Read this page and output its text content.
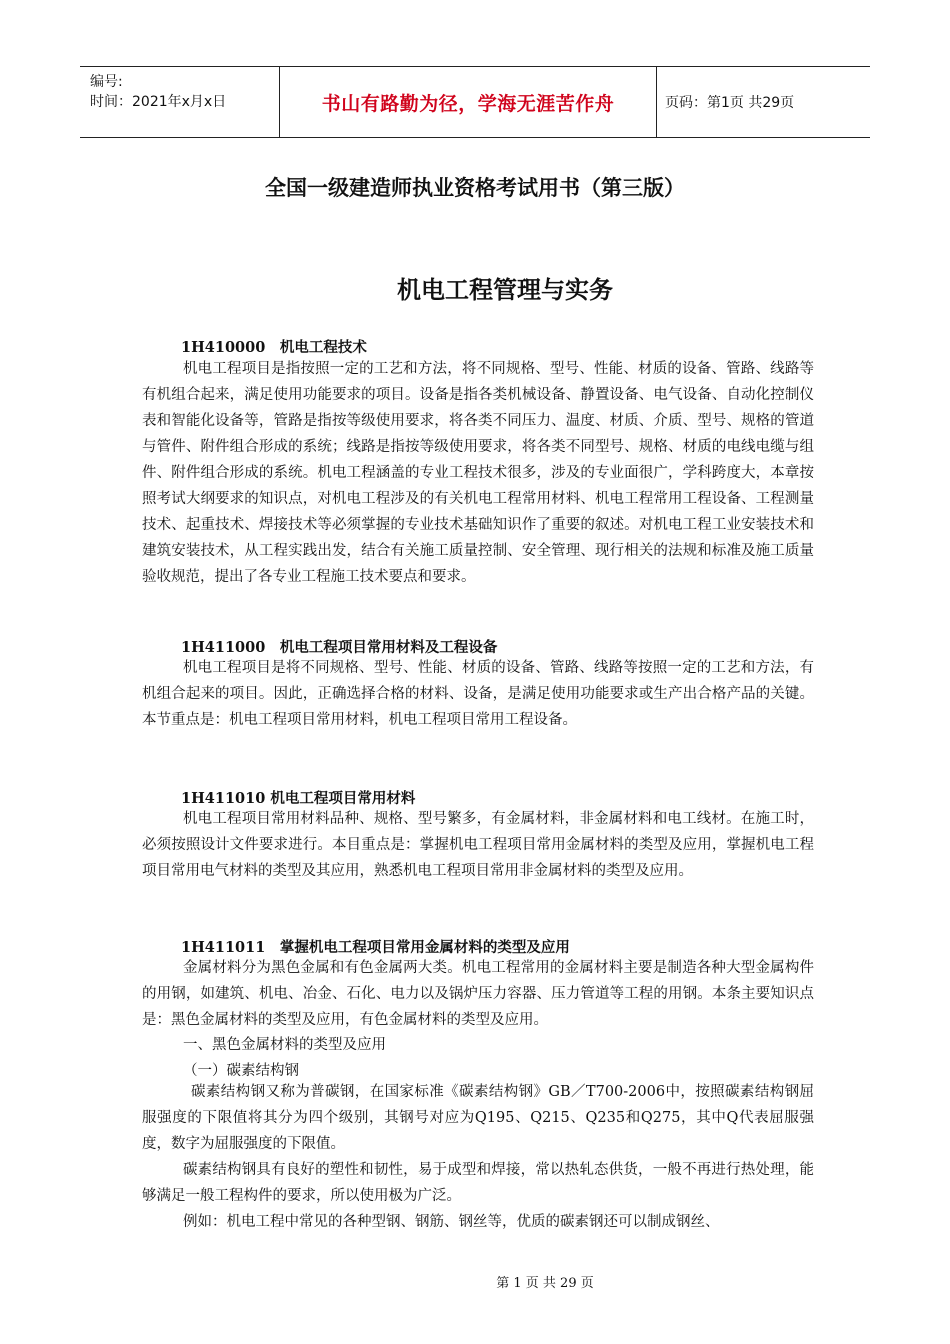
编号:
时间：2021年x月x日	书山有路勤为径，学海无涯苦作舟	页码：第1页 共29页
全国一级建造师执业资格考试用书（第三版）
机电工程管理与实务
1H410000　机电工程技术
机电工程项目是指按照一定的工艺和方法，将不同规格、型号、性能、材质的设备、管路、线路等有机组合起来，满足使用功能要求的项目。设备是指各类机械设备、静置设备、电气设备、自动化控制仪表和智能化设备等，管路是指按等级使用要求，将各类不同压力、温度、材质、介质、型号、规格的管道与管件、附件组合形成的系统；线路是指按等级使用要求，将各类不同型号、规格、材质的电线电缆与组件、附件组合形成的系统。机电工程涵盖的专业工程技术很多，涉及的专业面很广，学科跨度大，本章按照考试大纲要求的知识点，对机电工程涉及的有关机电工程常用材料、机电工程常用工程设备、工程测量技术、起重技术、焊接技术等必须掌握的专业技术基础知识作了重要的叙述。对机电工程工业安装技术和建筑安装技术，从工程实践出发，结合有关施工质量控制、安全管理、现行相关的法规和标准及施工质量验收规范，提出了各专业工程施工技术要点和要求。
1H411000　机电工程项目常用材料及工程设备
机电工程项目是将不同规格、型号、性能、材质的设备、管路、线路等按照一定的工艺和方法，有机组合起来的项目。因此，正确选择合格的材料、设备，是满足使用功能要求或生产出合格产品的关键。本节重点是：机电工程项目常用材料，机电工程项目常用工程设备。
1H411010 机电工程项目常用材料
机电工程项目常用材料品种、规格、型号繁多，有金属材料，非金属材料和电工线材。在施工时，必须按照设计文件要求进行。本目重点是：掌握机电工程项目常用金属材料的类型及应用，掌握机电工程项目常用电气材料的类型及其应用，熟悉机电工程项目常用非金属材料的类型及应用。
1H411011　掌握机电工程项目常用金属材料的类型及应用
金属材料分为黑色金属和有色金属两大类。机电工程常用的金属材料主要是制造各种大型金属构件的用钢，如建筑、机电、冶金、石化、电力以及锅炉压力容器、压力管道等工程的用钢。本条主要知识点是：黑色金属材料的类型及应用，有色金属材料的类型及应用。
一、黑色金属材料的类型及应用
（一）碳素结构钢
碳素结构钢又称为普碳钢，在国家标准《碳素结构钢》GB／T700-2006中，按照碳素结构钢屈服强度的下限值将其分为四个级别，其钢号对应为Q195、Q215、Q235和Q275，其中Q代表屈服强度，数字为屈服强度的下限值。
碳素结构钢具有良好的塑性和韧性，易于成型和焊接，常以热轧态供货，一般不再进行热处理，能够满足一般工程构件的要求，所以使用极为广泛。
例如：机电工程中常见的各种型钢、钢筋、钢丝等，优质的碳素钢还可以制成钢丝、
第 1 页 共 29 页
